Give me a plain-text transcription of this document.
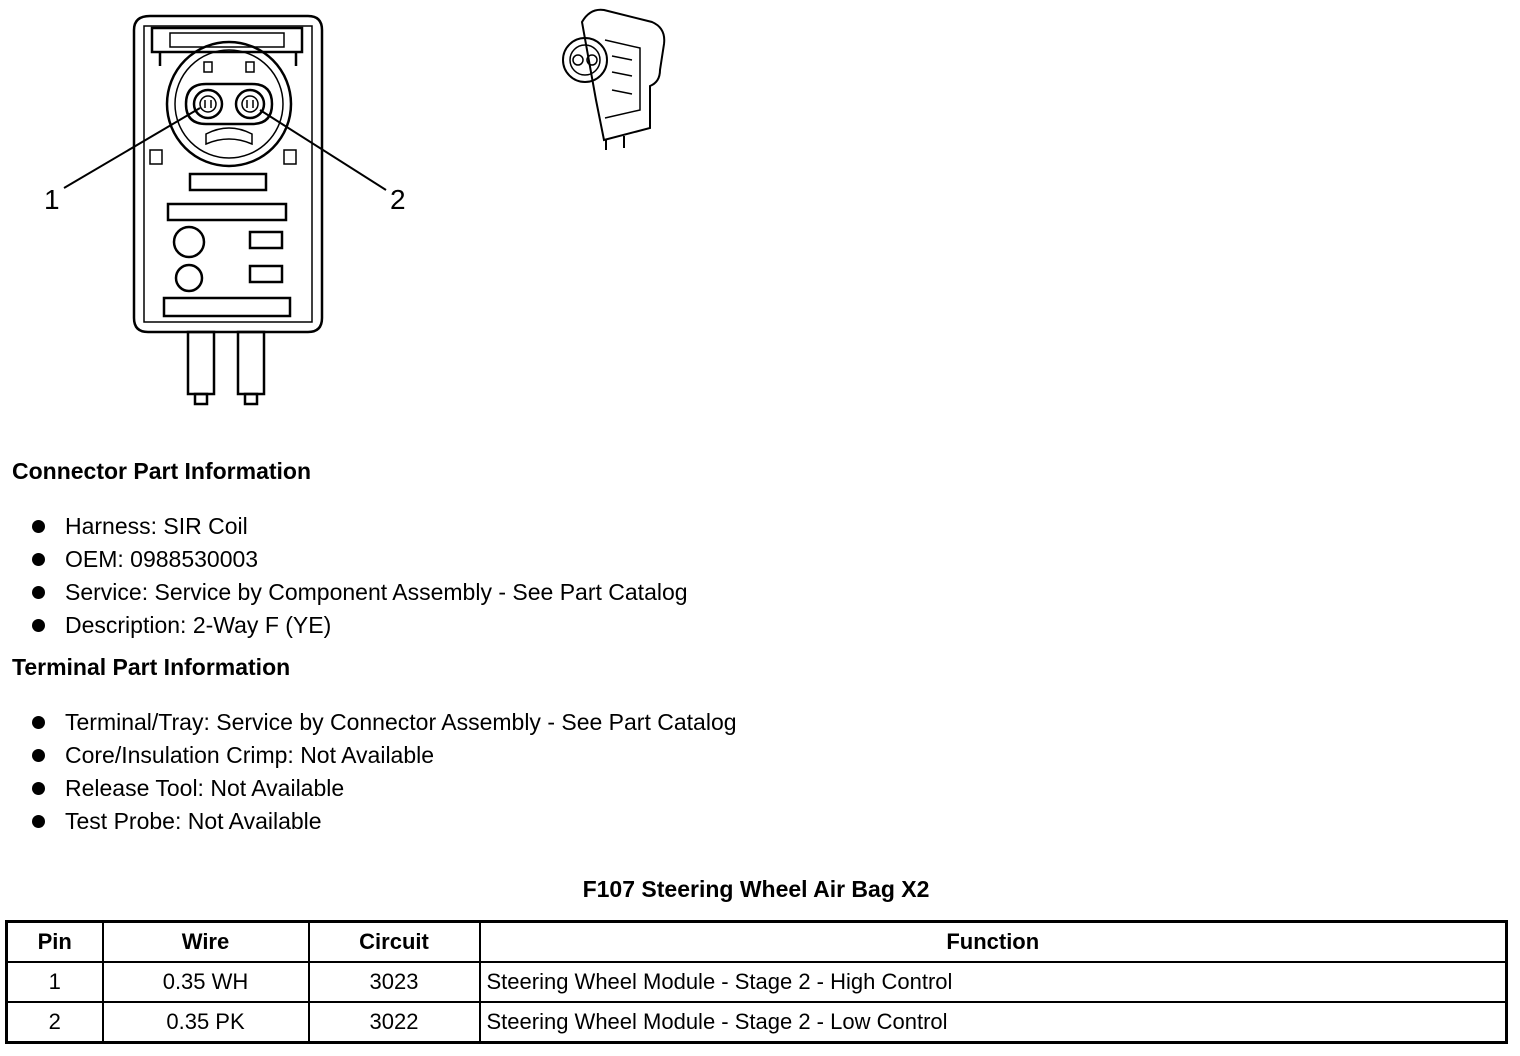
1	2
Connector Part Information
Harness: SIR Coil
OEM: 0988530003
Service: Service by Component Assembly - See Part Catalog
Description: 2-Way F (YE)
Terminal Part Information
Terminal/Tray: Service by Connector Assembly - See Part Catalog
Core/Insulation Crimp: Not Available
Release Tool: Not Available
Test Probe: Not Available
F107 Steering Wheel Air Bag X2
Pin	Wire	Circuit	Function
1	0.35 WH	3023	Steering Wheel Module - Stage 2 - High Control
2	0.35 PK	3022	Steering Wheel Module - Stage 2 - Low Control
